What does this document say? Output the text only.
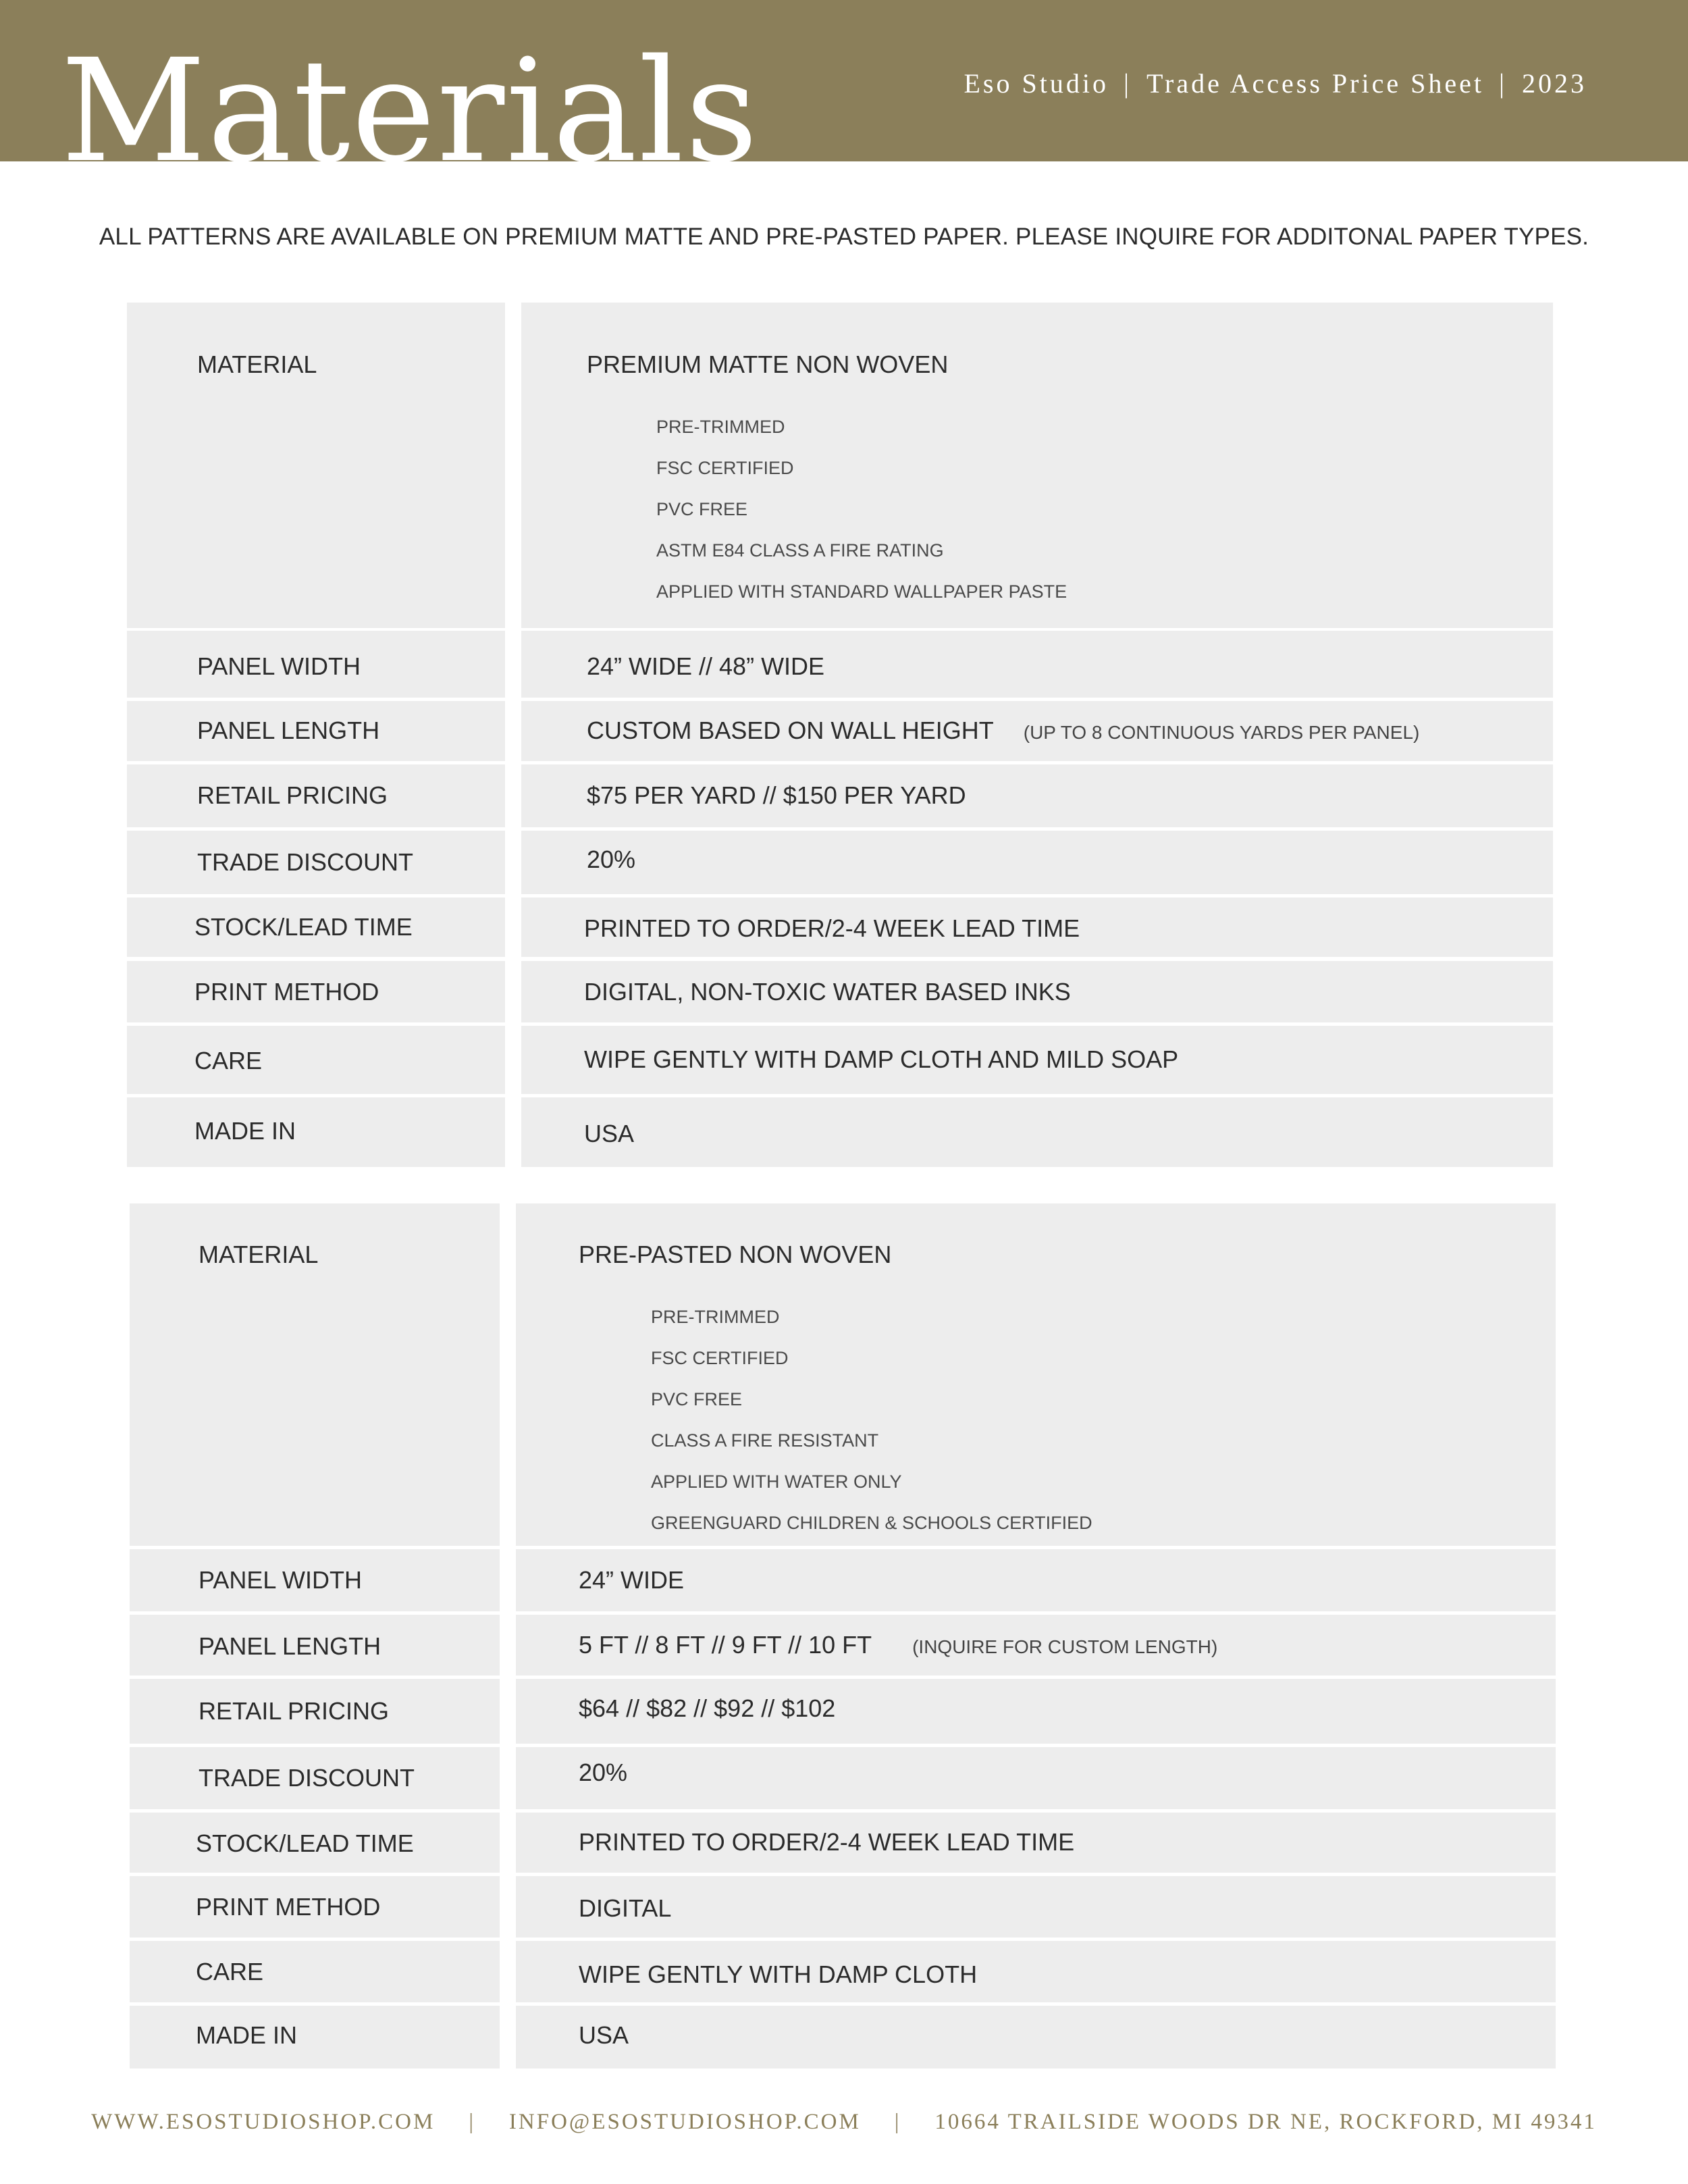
Materials	Eso Studio | Trade Access Price Sheet | 2023
ALL PATTERNS ARE AVAILABLE ON PREMIUM MATTE AND PRE-PASTED PAPER. PLEASE INQUIRE FOR ADDITONAL PAPER TYPES.
MATERIAL	PREMIUM MATTE NON WOVEN
PRE-TRIMMED
FSC CERTIFIED
PVC FREE
ASTM E84 CLASS A FIRE RATING
APPLIED WITH STANDARD WALLPAPER PASTE
PANEL WIDTH	24” WIDE // 48” WIDE
PANEL LENGTH	CUSTOM BASED ON WALL HEIGHT (UP TO 8 CONTINUOUS YARDS PER PANEL)
RETAIL PRICING	$75 PER YARD // $150 PER YARD
TRADE DISCOUNT	20%
STOCK/LEAD TIME	PRINTED TO ORDER/2-4 WEEK LEAD TIME
PRINT METHOD	DIGITAL, NON-TOXIC WATER BASED INKS
CARE	WIPE GENTLY WITH DAMP CLOTH AND MILD SOAP
MADE IN	USA
MATERIAL	PRE-PASTED NON WOVEN
PRE-TRIMMED
FSC CERTIFIED
PVC FREE
CLASS A FIRE RESISTANT
APPLIED WITH WATER ONLY
GREENGUARD CHILDREN & SCHOOLS CERTIFIED
PANEL WIDTH	24” WIDE
PANEL LENGTH	5 FT // 8 FT // 9 FT // 10 FT (INQUIRE FOR CUSTOM LENGTH)
RETAIL PRICING	$64 // $82 // $92 // $102
TRADE DISCOUNT	20%
STOCK/LEAD TIME	PRINTED TO ORDER/2-4 WEEK LEAD TIME
PRINT METHOD	DIGITAL
CARE	WIPE GENTLY WITH DAMP CLOTH
MADE IN	USA
WWW.ESOSTUDIOSHOP.COM | INFO@ESOSTUDIOSHOP.COM | 10664 TRAILSIDE WOODS DR NE, ROCKFORD, MI 49341
